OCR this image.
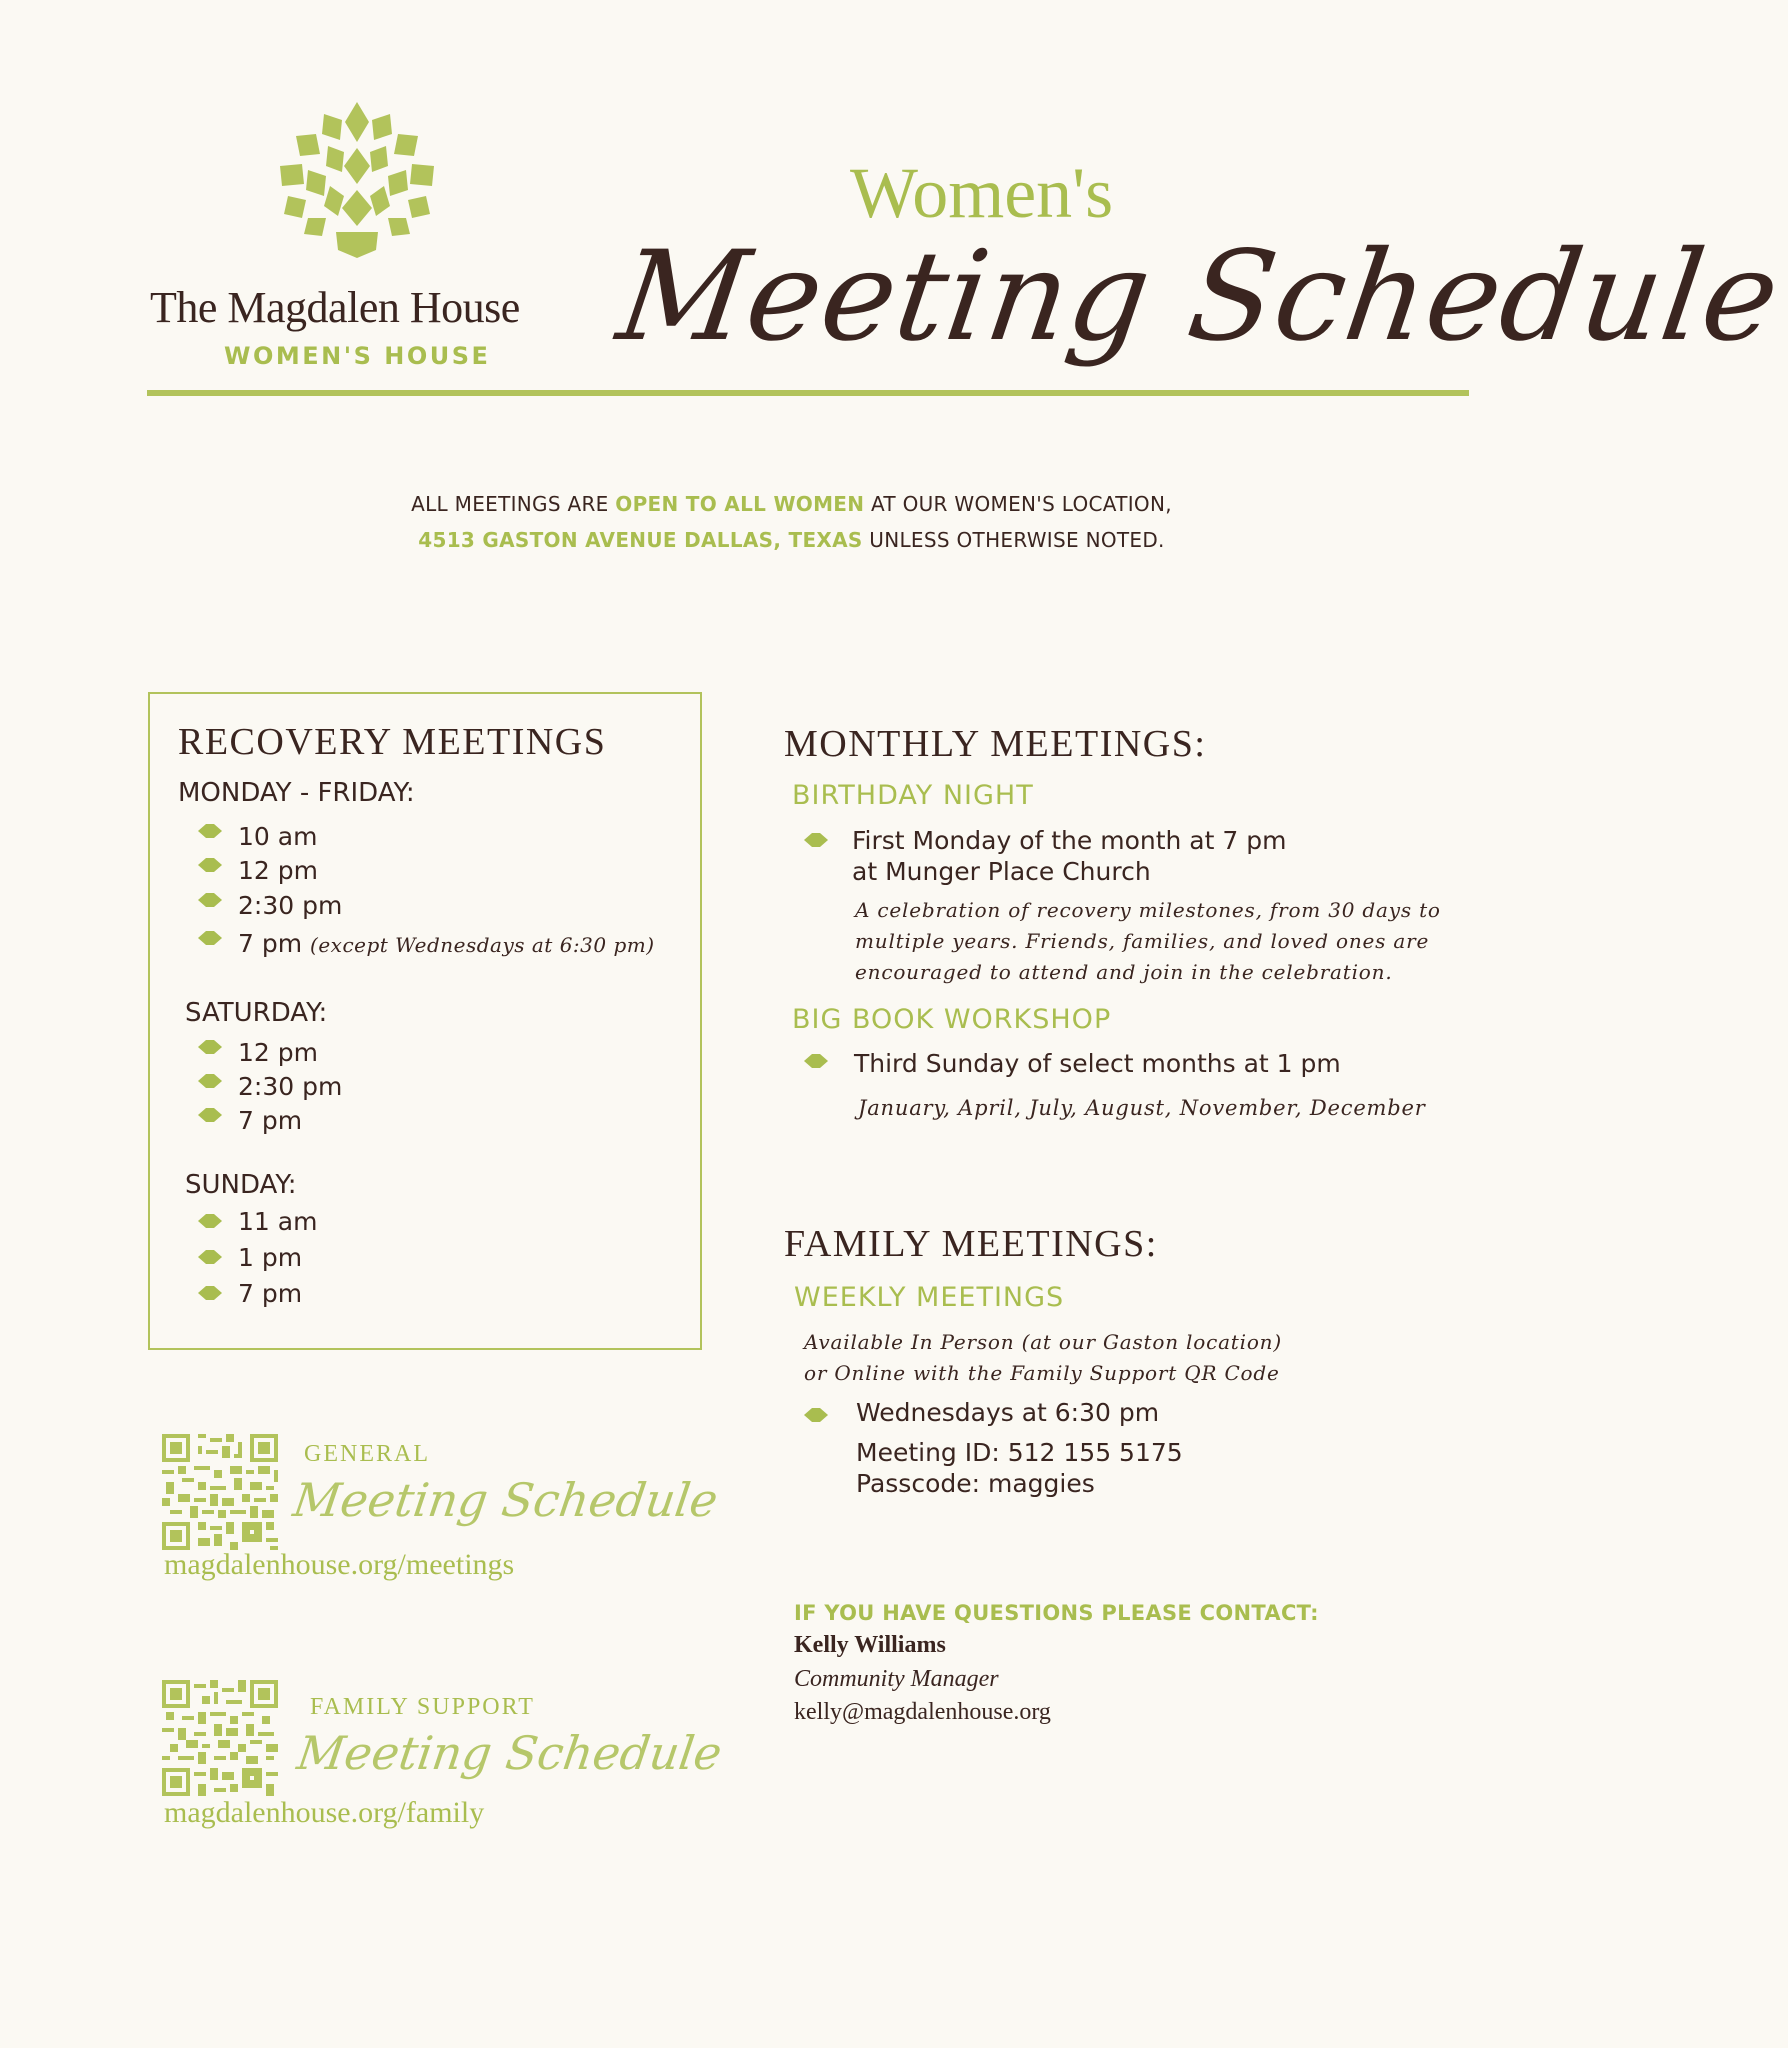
The Magdalen House
WOMEN'S HOUSE
Women's
Meeting Schedule
ALL MEETINGS ARE OPEN TO ALL WOMEN AT OUR WOMEN'S LOCATION,
4513 GASTON AVENUE DALLAS, TEXAS UNLESS OTHERWISE NOTED.
RECOVERY MEETINGS
MONDAY - FRIDAY:
10 am
12 pm
2:30 pm
7 pm (except Wednesdays at 6:30 pm)
SATURDAY:
12 pm
2:30 pm
7 pm
SUNDAY:
11 am
1 pm
7 pm
MONTHLY MEETINGS:
BIRTHDAY NIGHT
First Monday of the month at 7 pm
at Munger Place Church
A celebration of recovery milestones, from 30 days to
multiple years. Friends, families, and loved ones are
encouraged to attend and join in the celebration.
BIG BOOK WORKSHOP
Third Sunday of select months at 1 pm
January, April, July, August, November, December
FAMILY MEETINGS:
WEEKLY MEETINGS
Available In Person (at our Gaston location)
or Online with the Family Support QR Code
Wednesdays at 6:30 pm
Meeting ID: 512 155 5175
Passcode: maggies
GENERAL
Meeting Schedule
magdalenhouse.org/meetings
FAMILY SUPPORT
Meeting Schedule
magdalenhouse.org/family
IF YOU HAVE QUESTIONS PLEASE CONTACT:
Kelly Williams
Community Manager
kelly@magdalenhouse.org
